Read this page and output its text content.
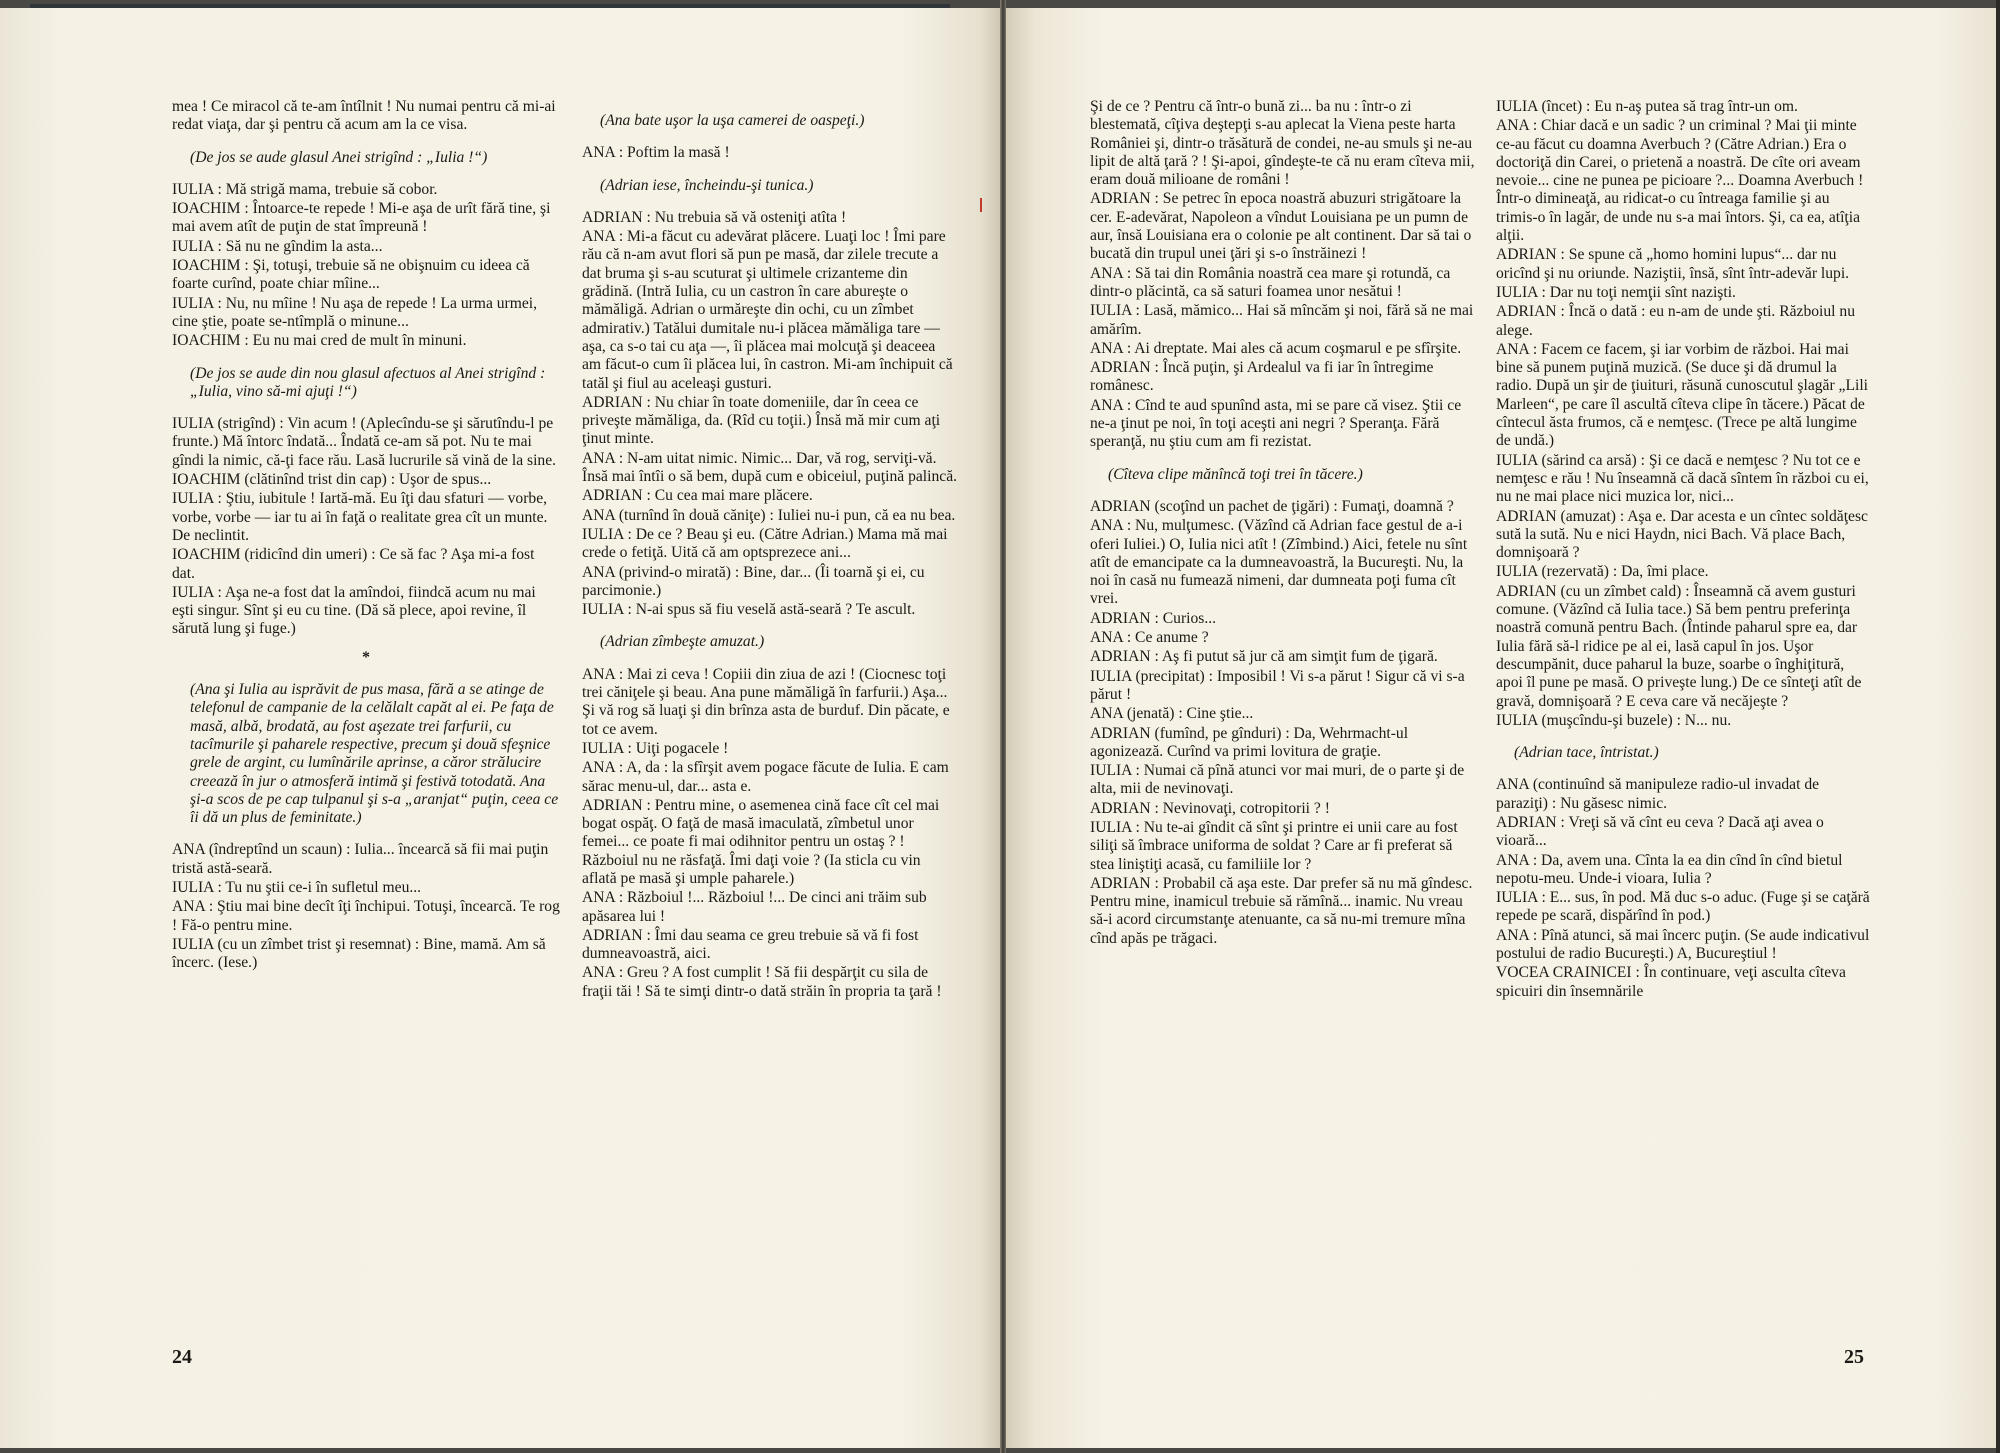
mea ! Ce miracol că te-am întîlnit ! Nu numai pentru că mi-ai redat viaţa, dar şi pentru că acum am la ce visa.

(De jos se aude glasul Anei strigînd : „Iulia !“)

IULIA : Mă strigă mama, trebuie să cobor.

IOACHIM : Întoarce-te repede ! Mi-e aşa de urît fără tine, şi mai avem atît de puţin de stat împreună !

IULIA : Să nu ne gîndim la asta...

IOACHIM : Şi, totuşi, trebuie să ne obişnuim cu ideea că foarte curînd, poate chiar mîine...

IULIA : Nu, nu mîine ! Nu aşa de repede ! La urma urmei, cine ştie, poate se-ntîmplă o minune...

IOACHIM : Eu nu mai cred de mult în minuni.

(De jos se aude din nou glasul afectuos al Anei strigînd : „Iulia, vino să-mi ajuţi !“)

IULIA (strigînd) : Vin acum ! (Aplecîndu-se şi sărutîndu-l pe frunte.) Mă întorc îndată... Îndată ce-am să pot. Nu te mai gîndi la nimic, că-ţi face rău. Lasă lucrurile să vină de la sine.

IOACHIM (clătinînd trist din cap) : Uşor de spus...

IULIA : Ştiu, iubitule ! Iartă-mă. Eu îţi dau sfaturi — vorbe, vorbe, vorbe — iar tu ai în faţă o realitate grea cît un munte. De neclintit.

IOACHIM (ridicînd din umeri) : Ce să fac ? Aşa mi-a fost dat.

IULIA : Aşa ne-a fost dat la amîndoi, fiindcă acum nu mai eşti singur. Sînt şi eu cu tine. (Dă să plece, apoi revine, îl sărută lung şi fuge.)

*

(Ana şi Iulia au isprăvit de pus masa, fără a se atinge de telefonul de campanie de la celălalt capăt al ei. Pe faţa de masă, albă, brodată, au fost aşezate trei farfurii, cu tacîmurile şi paharele respective, precum şi două sfeşnice grele de argint, cu lumînările aprinse, a căror strălucire creează în jur o atmosferă intimă şi festivă totodată. Ana şi-a scos de pe cap tulpanul şi s-a „aranjat“ puţin, ceea ce îi dă un plus de feminitate.)

ANA (îndreptînd un scaun) : Iulia... încearcă să fii mai puţin tristă astă-seară.

IULIA : Tu nu ştii ce-i în sufletul meu...

ANA : Ştiu mai bine decît îţi închipui. Totuşi, încearcă. Te rog ! Fă-o pentru mine.

IULIA (cu un zîmbet trist şi resemnat) : Bine, mamă. Am să încerc. (Iese.)

(Ana bate uşor la uşa camerei de oaspeţi.)

ANA : Poftim la masă !

(Adrian iese, încheindu-şi tunica.)

ADRIAN : Nu trebuia să vă osteniţi atîta !

ANA : Mi-a făcut cu adevărat plăcere. Luaţi loc ! Îmi pare rău că n-am avut flori să pun pe masă, dar zilele trecute a dat bruma şi s-au scuturat şi ultimele crizanteme din grădină. (Intră Iulia, cu un castron în care abureşte o mămăligă. Adrian o urmăreşte din ochi, cu un zîmbet admirativ.) Tatălui dumitale nu-i plăcea mămăliga tare — aşa, ca s-o tai cu aţa —, îi plăcea mai molcuţă şi deaceea am făcut-o cum îi plăcea lui, în castron. Mi-am închipuit că tatăl şi fiul au aceleaşi gusturi.

ADRIAN : Nu chiar în toate domeniile, dar în ceea ce priveşte mămăliga, da. (Rîd cu toţii.) Însă mă mir cum aţi ţinut minte.

ANA : N-am uitat nimic. Nimic... Dar, vă rog, serviţi-vă. Însă mai întîi o să bem, după cum e obiceiul, puţină palincă.

ADRIAN : Cu cea mai mare plăcere.

ANA (turnînd în două căniţe) : Iuliei nu-i pun, că ea nu bea.

IULIA : De ce ? Beau şi eu. (Către Adrian.) Mama mă mai crede o fetiţă. Uită că am optsprezece ani...

ANA (privind-o mirată) : Bine, dar... (Îi toarnă şi ei, cu parcimonie.)

IULIA : N-ai spus să fiu veselă astă-seară ? Te ascult.

(Adrian zîmbeşte amuzat.)

ANA : Mai zi ceva ! Copiii din ziua de azi ! (Ciocnesc toţi trei căniţele şi beau. Ana pune mămăligă în farfurii.) Aşa... Şi vă rog să luaţi şi din brînza asta de burduf. Din păcate, e tot ce avem.

IULIA : Uiţi pogacele !

ANA : A, da : la sfîrşit avem pogace făcute de Iulia. E cam sărac menu-ul, dar... asta e.

ADRIAN : Pentru mine, o asemenea cină face cît cel mai bogat ospăţ. O faţă de masă imaculată, zîmbetul unor femei... ce poate fi mai odihnitor pentru un ostaş ? ! Războiul nu ne răsfaţă. Îmi daţi voie ? (Ia sticla cu vin aflată pe masă şi umple paharele.)

ANA : Războiul !... Războiul !... De cinci ani trăim sub apăsarea lui !

ADRIAN : Îmi dau seama ce greu trebuie să vă fi fost dumneavoastră, aici.

ANA : Greu ? A fost cumplit ! Să fii despărţit cu sila de fraţii tăi ! Să te simţi dintr-o dată străin în propria ta ţară !

24

Şi de ce ? Pentru că într-o bună zi... ba nu : într-o zi blestemată, cîţiva deştepţi s-au aplecat la Viena peste harta României şi, dintr-o trăsătură de condei, ne-au smuls şi ne-au lipit de altă ţară ? ! Şi-apoi, gîndeşte-te că nu eram cîteva mii, eram două milioane de români !

ADRIAN : Se petrec în epoca noastră abuzuri strigătoare la cer. E-adevărat, Napoleon a vîndut Louisiana pe un pumn de aur, însă Louisiana era o colonie pe alt continent. Dar să tai o bucată din trupul unei ţări şi s-o înstrăinezi !

ANA : Să tai din România noastră cea mare şi rotundă, ca dintr-o plăcintă, ca să saturi foamea unor nesătui !

IULIA : Lasă, mămico... Hai să mîncăm şi noi, fără să ne mai amărîm.

ANA : Ai dreptate. Mai ales că acum coşmarul e pe sfîrşite.

ADRIAN : Încă puţin, şi Ardealul va fi iar în întregime românesc.

ANA : Cînd te aud spunînd asta, mi se pare că visez. Ştii ce ne-a ţinut pe noi, în toţi aceşti ani negri ? Speranţa. Fără speranţă, nu ştiu cum am fi rezistat.

(Cîteva clipe mănîncă toţi trei în tăcere.)

ADRIAN (scoţînd un pachet de ţigări) : Fumaţi, doamnă ?

ANA : Nu, mulţumesc. (Văzînd că Adrian face gestul de a-i oferi Iuliei.) O, Iulia nici atît ! (Zîmbind.) Aici, fetele nu sînt atît de emancipate ca la dumneavoastră, la Bucureşti. Nu, la noi în casă nu fumează nimeni, dar dumneata poţi fuma cît vrei.

ADRIAN : Curios...

ANA : Ce anume ?

ADRIAN : Aş fi putut să jur că am simţit fum de ţigară.

IULIA (precipitat) : Imposibil ! Vi s-a părut ! Sigur că vi s-a părut !

ANA (jenată) : Cine ştie...

ADRIAN (fumînd, pe gînduri) : Da, Wehrmacht-ul agonizează. Curînd va primi lovitura de graţie.

IULIA : Numai că pînă atunci vor mai muri, de o parte şi de alta, mii de nevinovaţi.

ADRIAN : Nevinovaţi, cotropitorii ? !

IULIA : Nu te-ai gîndit că sînt şi printre ei unii care au fost siliţi să îmbrace uniforma de soldat ? Care ar fi preferat să stea liniştiţi acasă, cu familiile lor ?

ADRIAN : Probabil că aşa este. Dar prefer să nu mă gîndesc. Pentru mine, inamicul trebuie să rămînă... inamic. Nu vreau să-i acord circumstanţe atenuante, ca să nu-mi tremure mîna cînd apăs pe trăgaci.

IULIA (încet) : Eu n-aş putea să trag într-un om.

ANA : Chiar dacă e un sadic ? un criminal ? Mai ţii minte ce-au făcut cu doamna Averbuch ? (Către Adrian.) Era o doctoriţă din Carei, o prietenă a noastră. De cîte ori aveam nevoie... cine ne punea pe picioare ?... Doamna Averbuch ! Într-o dimineaţă, au ridicat-o cu întreaga familie şi au trimis-o în lagăr, de unde nu s-a mai întors. Şi, ca ea, atîţia alţii.

ADRIAN : Se spune că „homo homini lupus“... dar nu oricînd şi nu oriunde. Naziştii, însă, sînt într-adevăr lupi.

IULIA : Dar nu toţi nemţii sînt nazişti.

ADRIAN : Încă o dată : eu n-am de unde şti. Războiul nu alege.

ANA : Facem ce facem, şi iar vorbim de război. Hai mai bine să punem puţină muzică. (Se duce şi dă drumul la radio. După un şir de ţiuituri, răsună cunoscutul şlagăr „Lili Marleen“, pe care îl ascultă cîteva clipe în tăcere.) Păcat de cîntecul ăsta frumos, că e nemţesc. (Trece pe altă lungime de undă.)

IULIA (sărind ca arsă) : Şi ce dacă e nemţesc ? Nu tot ce e nemţesc e rău ! Nu înseamnă că dacă sîntem în război cu ei, nu ne mai place nici muzica lor, nici...

ADRIAN (amuzat) : Aşa e. Dar acesta e un cîntec soldăţesc sută la sută. Nu e nici Haydn, nici Bach. Vă place Bach, domnişoară ?

IULIA (rezervată) : Da, îmi place.

ADRIAN (cu un zîmbet cald) : Înseamnă că avem gusturi comune. (Văzînd că Iulia tace.) Să bem pentru preferinţa noastră comună pentru Bach. (Întinde paharul spre ea, dar Iulia fără să-l ridice pe al ei, lasă capul în jos. Uşor descumpănit, duce paharul la buze, soarbe o înghiţitură, apoi îl pune pe masă. O priveşte lung.) De ce sînteţi atît de gravă, domnişoară ? E ceva care vă necăjeşte ?

IULIA (muşcîndu-şi buzele) : N... nu.

(Adrian tace, întristat.)

ANA (continuînd să manipuleze radio-ul invadat de paraziţi) : Nu găsesc nimic.

ADRIAN : Vreţi să vă cînt eu ceva ? Dacă aţi avea o vioară...

ANA : Da, avem una. Cînta la ea din cînd în cînd bietul nepotu-meu. Unde-i vioara, Iulia ?

IULIA : E... sus, în pod. Mă duc s-o aduc. (Fuge şi se caţără repede pe scară, dispărînd în pod.)

ANA : Pînă atunci, să mai încerc puţin. (Se aude indicativul postului de radio Bucureşti.) A, Bucureştiul !

VOCEA CRAINICEI : În continuare, veţi asculta cîteva spicuiri din însemnările

25
